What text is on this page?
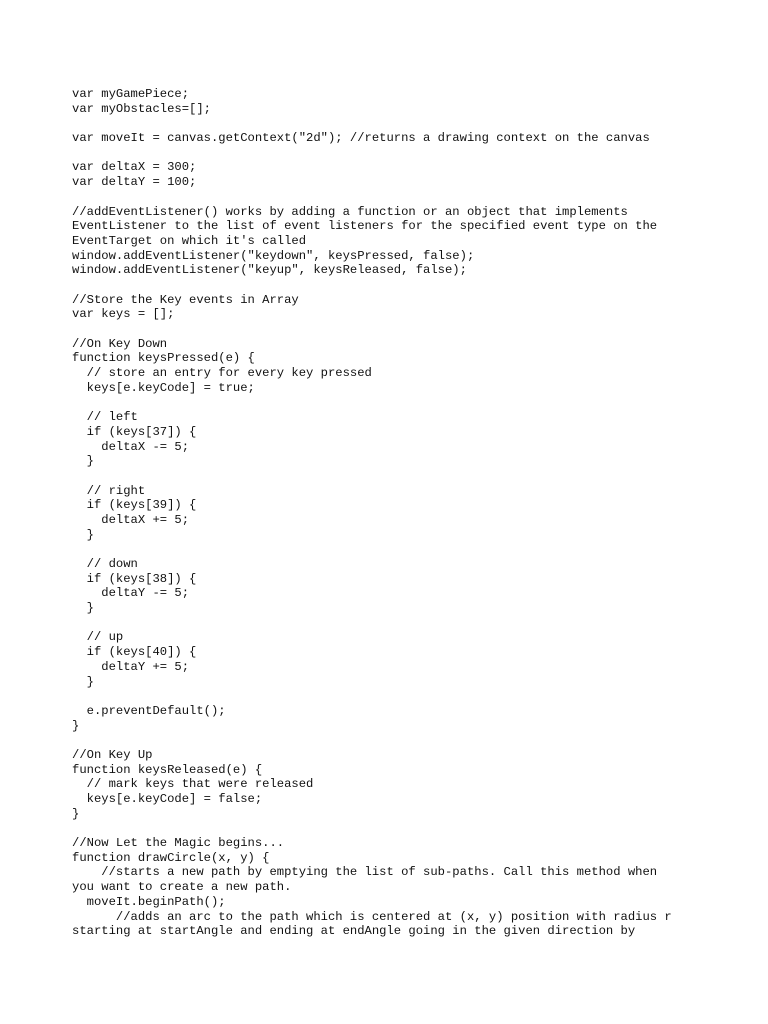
var myGamePiece;
var myObstacles=[];
var moveIt = canvas.getContext("2d"); //returns a drawing context on the canvas
var deltaX = 300;
var deltaY = 100;
//addEventListener() works by adding a function or an object that implements
EventListener to the list of event listeners for the specified event type on the
EventTarget on which it's called
window.addEventListener("keydown", keysPressed, false);
window.addEventListener("keyup", keysReleased, false);
//Store the Key events in Array
var keys = [];
//On Key Down
function keysPressed(e) {
// store an entry for every key pressed
keys[e.keyCode] = true;
// left
if (keys[37]) {
deltaX -= 5;
}
// right
if (keys[39]) {
deltaX += 5;
}
// down
if (keys[38]) {
deltaY -= 5;
}
// up
if (keys[40]) {
deltaY += 5;
}
e.preventDefault();
}
//On Key Up
function keysReleased(e) {
// mark keys that were released
keys[e.keyCode] = false;
}
//Now Let the Magic begins...
function drawCircle(x, y) {
//starts a new path by emptying the list of sub-paths. Call this method when
you want to create a new path.
moveIt.beginPath();
//adds an arc to the path which is centered at (x, y) position with radius r
starting at startAngle and ending at endAngle going in the given direction by
